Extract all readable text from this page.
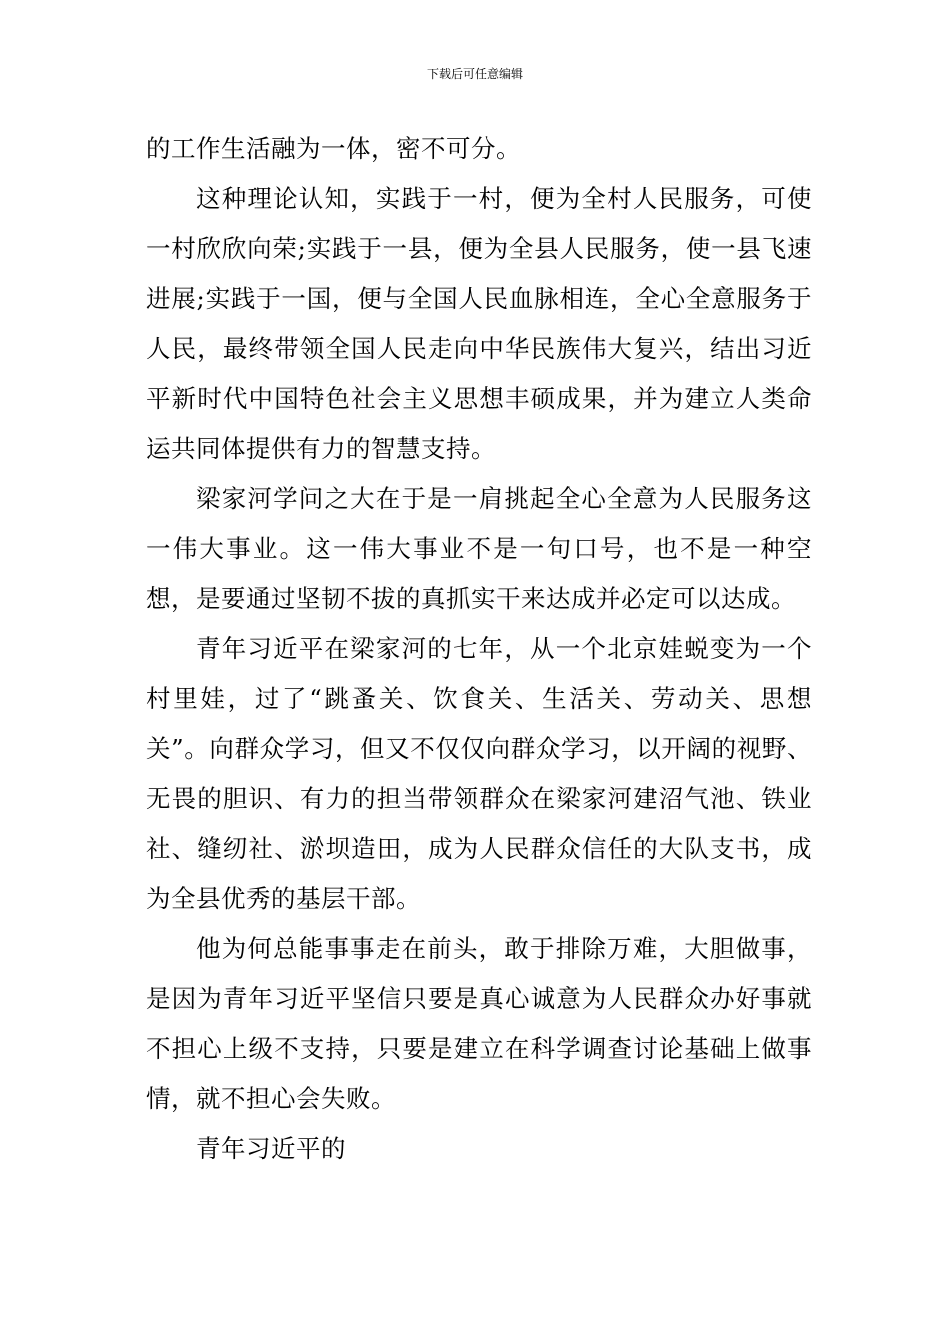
下载后可任意编辑

的工作生活融为一体，密不可分。

这种理论认知，实践于一村，便为全村人民服务，可使一村欣欣向荣;实践于一县，便为全县人民服务，使一县飞速进展;实践于一国，便与全国人民血脉相连，全心全意服务于人民，最终带领全国人民走向中华民族伟大复兴，结出习近平新时代中国特色社会主义思想丰硕成果，并为建立人类命运共同体提供有力的智慧支持。

梁家河学问之大在于是一肩挑起全心全意为人民服务这一伟大事业。这一伟大事业不是一句口号，也不是一种空想，是要通过坚韧不拔的真抓实干来达成并必定可以达成。

青年习近平在梁家河的七年，从一个北京娃蜕变为一个村里娃，过了“跳蚤关、饮食关、生活关、劳动关、思想关”。向群众学习，但又不仅仅向群众学习，以开阔的视野、无畏的胆识、有力的担当带领群众在梁家河建沼气池、铁业社、缝纫社、淤坝造田，成为人民群众信任的大队支书，成为全县优秀的基层干部。

他为何总能事事走在前头，敢于排除万难，大胆做事，是因为青年习近平坚信只要是真心诚意为人民群众办好事就不担心上级不支持，只要是建立在科学调查讨论基础上做事情，就不担心会失败。

青年习近平的
